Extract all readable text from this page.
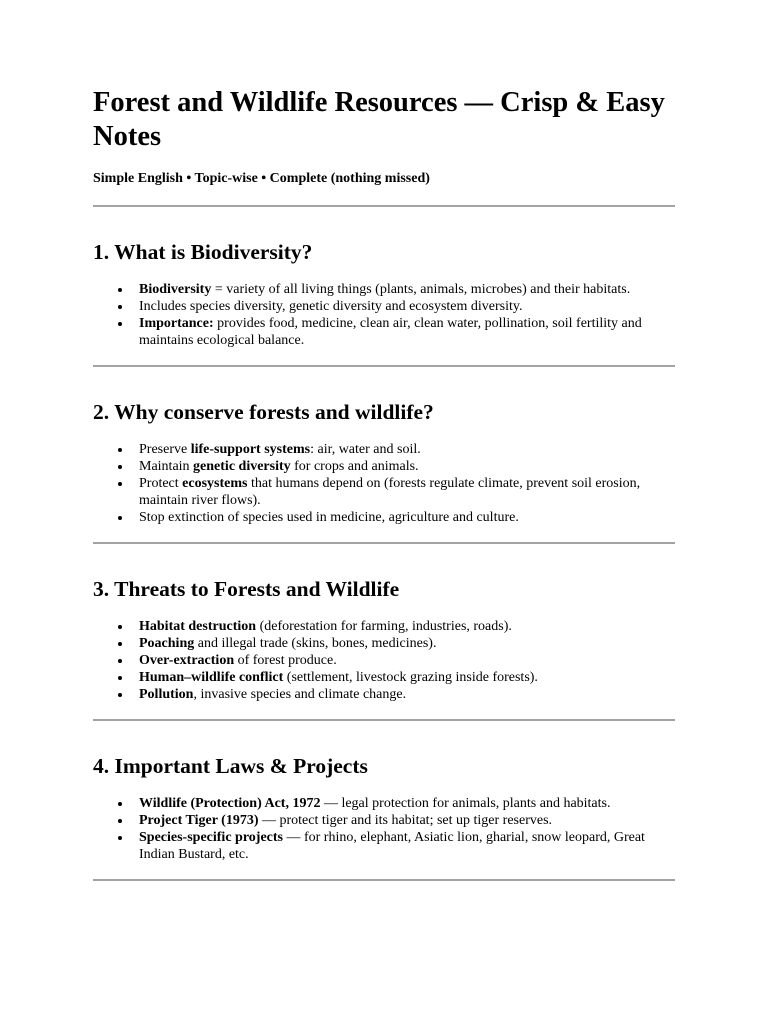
Forest and Wildlife Resources — Crisp & Easy Notes
Simple English • Topic-wise • Complete (nothing missed)
1. What is Biodiversity?
Biodiversity = variety of all living things (plants, animals, microbes) and their habitats.
Includes species diversity, genetic diversity and ecosystem diversity.
Importance: provides food, medicine, clean air, clean water, pollination, soil fertility and maintains ecological balance.
2. Why conserve forests and wildlife?
Preserve life-support systems: air, water and soil.
Maintain genetic diversity for crops and animals.
Protect ecosystems that humans depend on (forests regulate climate, prevent soil erosion, maintain river flows).
Stop extinction of species used in medicine, agriculture and culture.
3. Threats to Forests and Wildlife
Habitat destruction (deforestation for farming, industries, roads).
Poaching and illegal trade (skins, bones, medicines).
Over-extraction of forest produce.
Human–wildlife conflict (settlement, livestock grazing inside forests).
Pollution, invasive species and climate change.
4. Important Laws & Projects
Wildlife (Protection) Act, 1972 — legal protection for animals, plants and habitats.
Project Tiger (1973) — protect tiger and its habitat; set up tiger reserves.
Species-specific projects — for rhino, elephant, Asiatic lion, gharial, snow leopard, Great Indian Bustard, etc.
